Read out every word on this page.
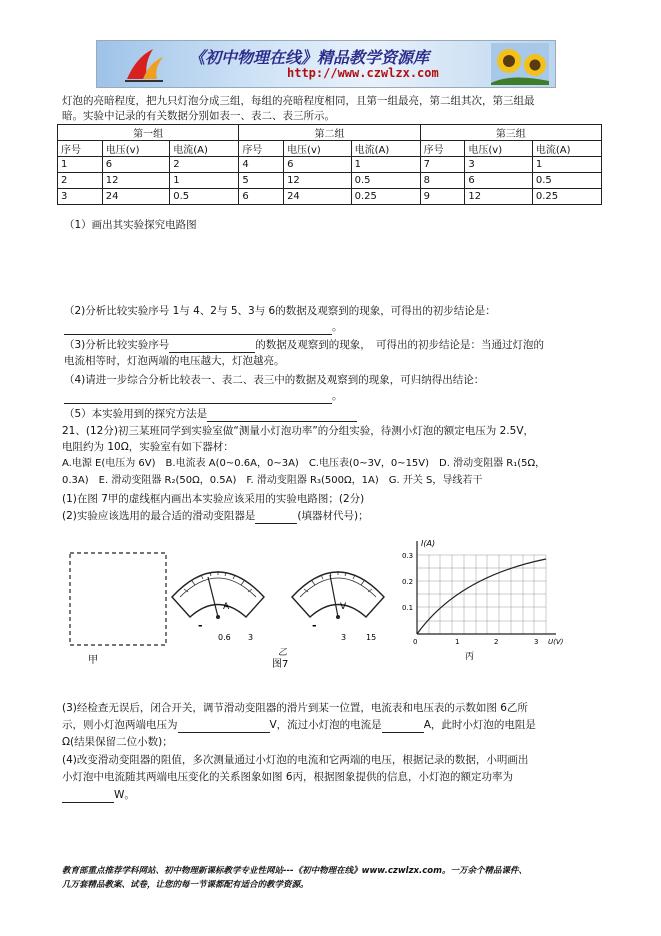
《初中物理在线》精品教学资源库
http://www.czwlzx.com
灯泡的亮暗程度，把九只灯泡分成三组，每组的亮暗程度相同，且第一组最亮，第二组其次，第三组最
暗。实验中记录的有关数据分别如表一、表二、表三所示。
第一组			第二组			第三组		
序号	电压(v)	电流(A)	序号	电压(v)	电流(A)	序号	电压(v)	电流(A)
1	6	2	4	6	1	7	3	1
2	12	1	5	12	0.5	8	6	0.5
3	24	0.5	6	24	0.25	9	12	0.25
（1）画出其实验探究电路图
（2)分析比较实验序号 1与 4、2与 5、3与 6的数据及观察到的现象，可得出的初步结论是：
。
（3)分析比较实验序号	的数据及观察到的现象，　可得出的初步结论是：当通过灯泡的
电流相等时，灯泡两端的电压越大，灯泡越亮。
（4)请进一步综合分析比较表一、表二、表三中的数据及观察到的现象，可归纳得出结论：
。
（5）本实验用到的探究方法是
21、(12分)初三某班同学到实验室做“测量小灯泡功率”的分组实验，待测小灯泡的额定电压为 2.5V，
电阻约为 10Ω，实验室有如下器材：
A.电源 E(电压为 6V)　B.电流表 A(0~0.6A，0~3A)　C.电压表(0~3V，0~15V)　D. 滑动变阻器 R₁(5Ω，
0.3A)　E. 滑动变阻器 R₂(50Ω，0.5A)　F. 滑动变阻器 R₃(500Ω，1A)　G. 开关 S，导线若干
(1)在图 7甲的虚线框内画出本实验应该采用的实验电路图；(2分)
(2)实验应该选用的最合适的滑动变阻器是	(填器材代号)；
甲
A
-
0.6 3
V
-
3 15
乙
图7
I(A)
0.3
0.2
0.1
0	1	2	3 U(V)
丙
(3)经检查无误后，闭合开关，调节滑动变阻器的滑片到某一位置，电流表和电压表的示数如图 6乙所
示，则小灯泡两端电压为	V，流过小灯泡的电流是	A，此时小灯泡的电阻是
Ω(结果保留二位小数)；
(4)改变滑动变阻器的阻值，多次测量通过小灯泡的电流和它两端的电压，根据记录的数据，小明画出
小灯泡中电流随其两端电压变化的关系图象如图 6丙，根据图象提供的信息，小灯泡的额定功率为
W。
教育部重点推荐学科网站、初中物理新课标教学专业性网站---《初中物理在线》www.czwlzx.com。一万余个精品课件、
几万套精品教案、试卷，让您的每一节课都配有适合的教学资源。
